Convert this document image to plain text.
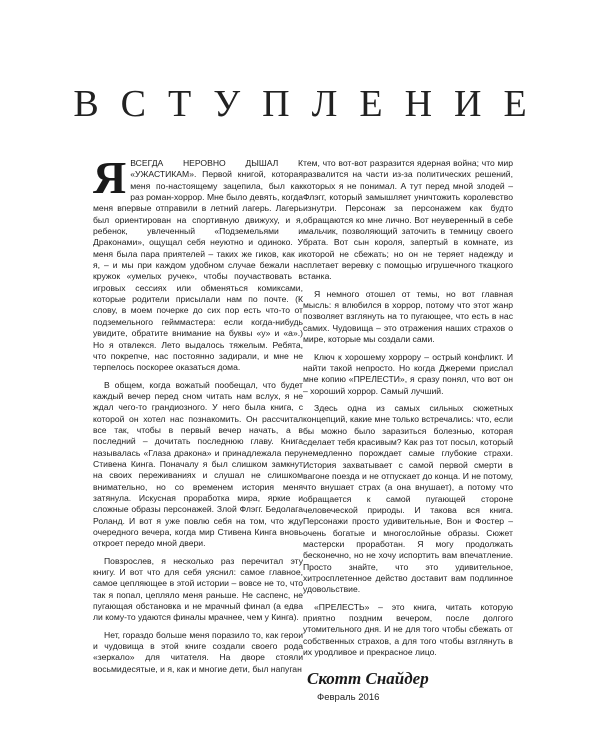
ВСТУПЛЕНИЕ

ЯВСЕГДА НЕРОВНО ДЫШАЛ К «УЖАСТИКАМ». Первой книгой, которая меня по-настоящему зацепила, был как раз роман-хоррор. Мне было девять, когда меня впервые отправили в летний лагерь. Лагерь был ориентирован на спортивную движуху, и я, ребенок, увлеченный «Подземельями и Драконами», ощущал себя неуютно и одиноко. У меня была пара приятелей – таких же гиков, как и я, – и мы при каждом удобном случае бежали на кружок «умелых ручек», чтобы поучаствовать в игровых сессиях или обменяться комиксами, которые родители присылали нам по почте. (К слову, в моем почерке до сих пор есть что-то от подземельного гейммастера: если когда-нибудь увидите, обратите внимание на буквы «у» и «а».) Но я отвлекся. Лето выдалось тяжелым. Ребята, что покрепче, нас постоянно задирали, и мне не терпелось поскорее оказаться дома.

В общем, когда вожатый пообещал, что будет каждый вечер перед сном читать нам вслух, я не ждал чего-то грандиозного. У него была книга, с которой он хотел нас познакомить. Он рассчитал все так, чтобы в первый вечер начать, а в последний – дочитать последнюю главу. Книга называлась «Глаза дракона» и принадлежала перу Стивена Кинга. Поначалу я был слишком замкнут на своих переживаниях и слушал не слишком внимательно, но со временем история меня затянула. Искусная проработка мира, яркие и сложные образы персонажей. Злой Флэгг. Бедолага Роланд. И вот я уже повлю себя на том, что жду очередного вечера, когда мир Стивена Кинга вновь откроет передо мной двери.

Повзрослев, я несколько раз перечитал эту книгу. И вот что для себя уяснил: самое главное, самое цепляющее в этой истории – вовсе не то, что так я попал, цепляло меня раньше. Не саспенс, не пугающая обстановка и не мрачный финал (а едва ли кому-то удаются финалы мрачнее, чем у Кинга).

Нет, гораздо больше меня поразило то, как герои и чудовища в этой книге создали своего рода «зеркало» для читателя. На дворе стояли восьмидесятые, и я, как и многие дети, был напуган

тем, что вот-вот разразится ядерная война; что мир развалится на части из-за политических решений, которых я не понимал. А тут перед мной злодей – Флэгг, который замышляет уничтожить королевство изнутри. Персонаж за персонажем как будто обращаются ко мне лично. Вот неуверенный в себе мальчик, позволяющий заточить в темницу своего брата. Вот сын короля, запертый в комнате, из которой не сбежать; но он не теряет надежду и сплетает веревку с помощью игрушечного ткацкого станка.

Я немного отошел от темы, но вот главная мысль: я влюбился в хоррор, потому что этот жанр позволяет взглянуть на то пугающее, что есть в нас самих. Чудовища – это отражения наших страхов о мире, которые мы создали сами.

Ключ к хорошему хоррору – острый конфликт. И найти такой непросто. Но когда Джереми прислал мне копию «ПРЕЛЕСТИ», я сразу понял, что вот он – хороший хоррор. Самый лучший.

Здесь одна из самых сильных сюжетных концепций, какие мне только встречались: что, если бы можно было заразиться болезнью, которая сделает тебя красивым? Как раз тот посыл, который немедленно порождает самые глубокие страхи. История захватывает с самой первой смерти в вагоне поезда и не отпускает до конца. И не потому, что внушает страх (а она внушает), а потому что обращается к самой пугающей стороне человеческой природы. И такова вся книга. Персонажи просто удивительные, Вон и Фостер – очень богатые и многослойные образы. Сюжет мастерски проработан. Я могу продолжать бесконечно, но не хочу испортить вам впечатление. Просто знайте, что это удивительное, хитросплетенное действо доставит вам подлинное удовольствие.

«ПРЕЛЕСТЬ» – это книга, читать которую приятно поздним вечером, после долгого утомительного дня. И не для того чтобы сбежать от собственных страхов, а для того чтобы взглянуть в их уродливое и прекрасное лицо.

Скотт Снайдер
Февраль 2016
